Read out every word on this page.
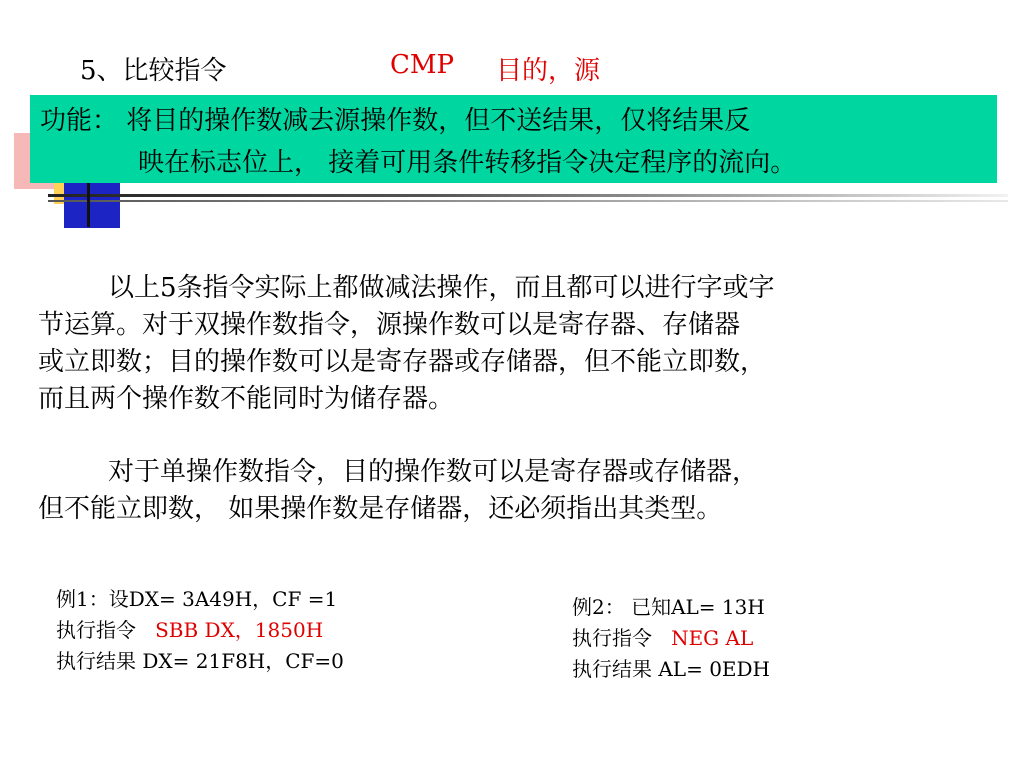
5、比较指令	CMP 目的，源
功能： 将目的操作数减去源操作数，但不送结果，仅将结果反
映在标志位上， 接着可用条件转移指令决定程序的流向。
以上5条指令实际上都做减法操作，而且都可以进行字或字
节运算。对于双操作数指令，源操作数可以是寄存器、存储器
或立即数；目的操作数可以是寄存器或存储器，但不能立即数，
而且两个操作数不能同时为储存器。
对于单操作数指令，目的操作数可以是寄存器或存储器，
但不能立即数， 如果操作数是存储器，还必须指出其类型。
例1：设DX= 3A49H，CF =1
执行指令 SBB DX，1850H
执行结果 DX= 21F8H，CF=0
例2： 已知AL= 13H
执行指令 NEG AL
执行结果 AL= 0EDH
